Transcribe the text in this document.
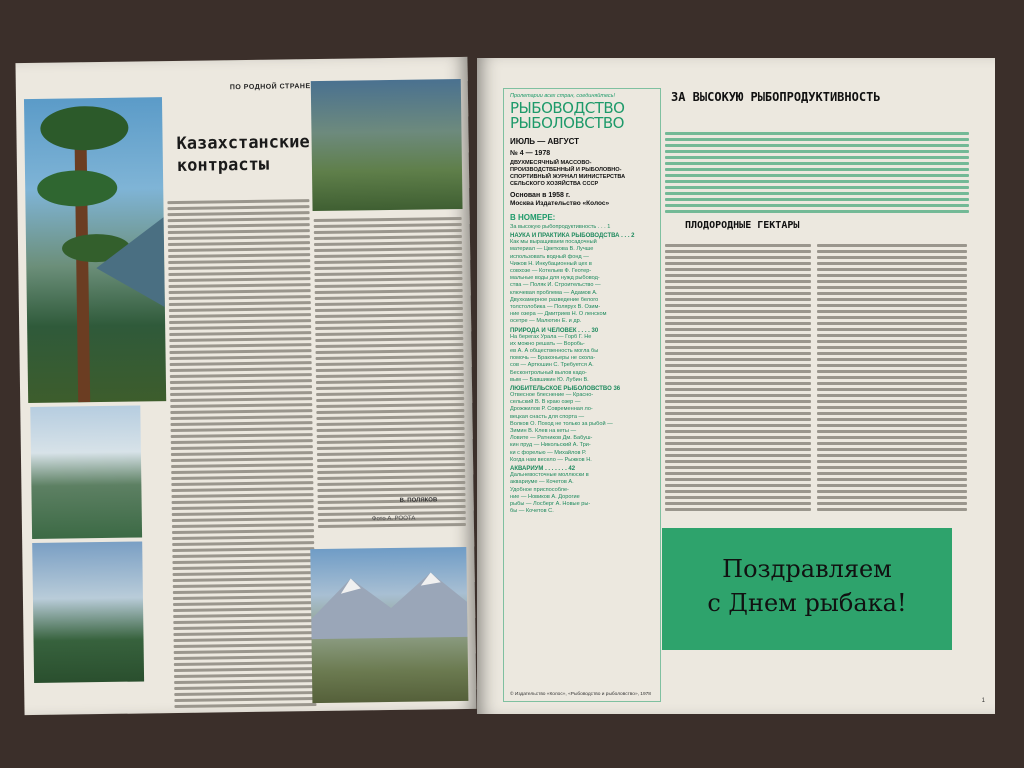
ПО РОДНОЙ СТРАНЕ
Казахстанские
контрасты
В. ПОЛЯКОВ
Фото А. РООТА
Пролетарии всех стран, соединяйтесь!
РЫБОВОДСТВО
РЫБОЛОВСТВО
ИЮЛЬ — АВГУСТ
№ 4 — 1978
ДВУХМЕСЯЧНЫЙ МАССОВО-ПРОИЗВОДСТВЕННЫЙ И РЫБОЛОВНО-СПОРТИВНЫЙ ЖУРНАЛ МИНИСТЕРСТВА СЕЛЬСКОГО ХОЗЯЙСТВА СССР
Основан в 1958 г.
Москва Издательство «Колос»
В НОМЕРЕ:
За высокую рыбопродуктивность . . . 1
НАУКА И ПРАКТИКА РЫБОВОДСТВА . . . 2
Как мы выращиваем посадочный
материал — Цветкова В. Лучше
использовать водный фонд —
Чижов Н. Инкубационный цех в
совхозе — Котельев Ф. Геотер-
мальные воды для нужд рыбовод-
ства — Поляк И. Строительство —
ключевая проблема — Адамов А.
Двухкамерное разведение белого
толстолобика — Полярух В. Озим-
ние озера — Дмитриев Н. О ленском
осетре — Малютин Е. и др.
ПРИРОДА И ЧЕЛОВЕК . . . . 30
На берегах Урала — Горб Г. Не
их можно решать — Воробь-
ев А. А общественность могла бы
помочь — Браконьеры не скола-
сов — Артюшин С. Требуется А.
Бесконтрольный вылов кадо-
вым — Бавшикин Ю. Лубин В.
ЛЮБИТЕЛЬСКОЕ РЫБОЛОВСТВО 36
Отвесное блеснение — Красно-
сельский В. В краю озер —
Дрожжилов Р. Современная ло-
вецкая снасть для спорта —
Волков О. Поход не только за рыбой —
Зимин В. Клев на кеты —
Ловите — Ратников Дм. Бабуш-
кин пруд — Никольский А. Три-
ки с форелью — Михайлов Р.
Когда нам весело — Рыжков Н.
АКВАРИУМ . . . . . . . 42
Дальневосточные моллюски в
аквариуме — Кочетов А.
Удобное приспособле-
ние — Новиков А. Дорогие
рыбы — Лосберг А. Новые ры-
бы — Кочетов С.
© Издательство «Колос», «Рыбоводство и рыболовство», 1978
ЗА ВЫСОКУЮ РЫБОПРОДУКТИВНОСТЬ
ПЛОДОРОДНЫЕ ГЕКТАРЫ
Поздравляем
с Днем рыбака!
1
